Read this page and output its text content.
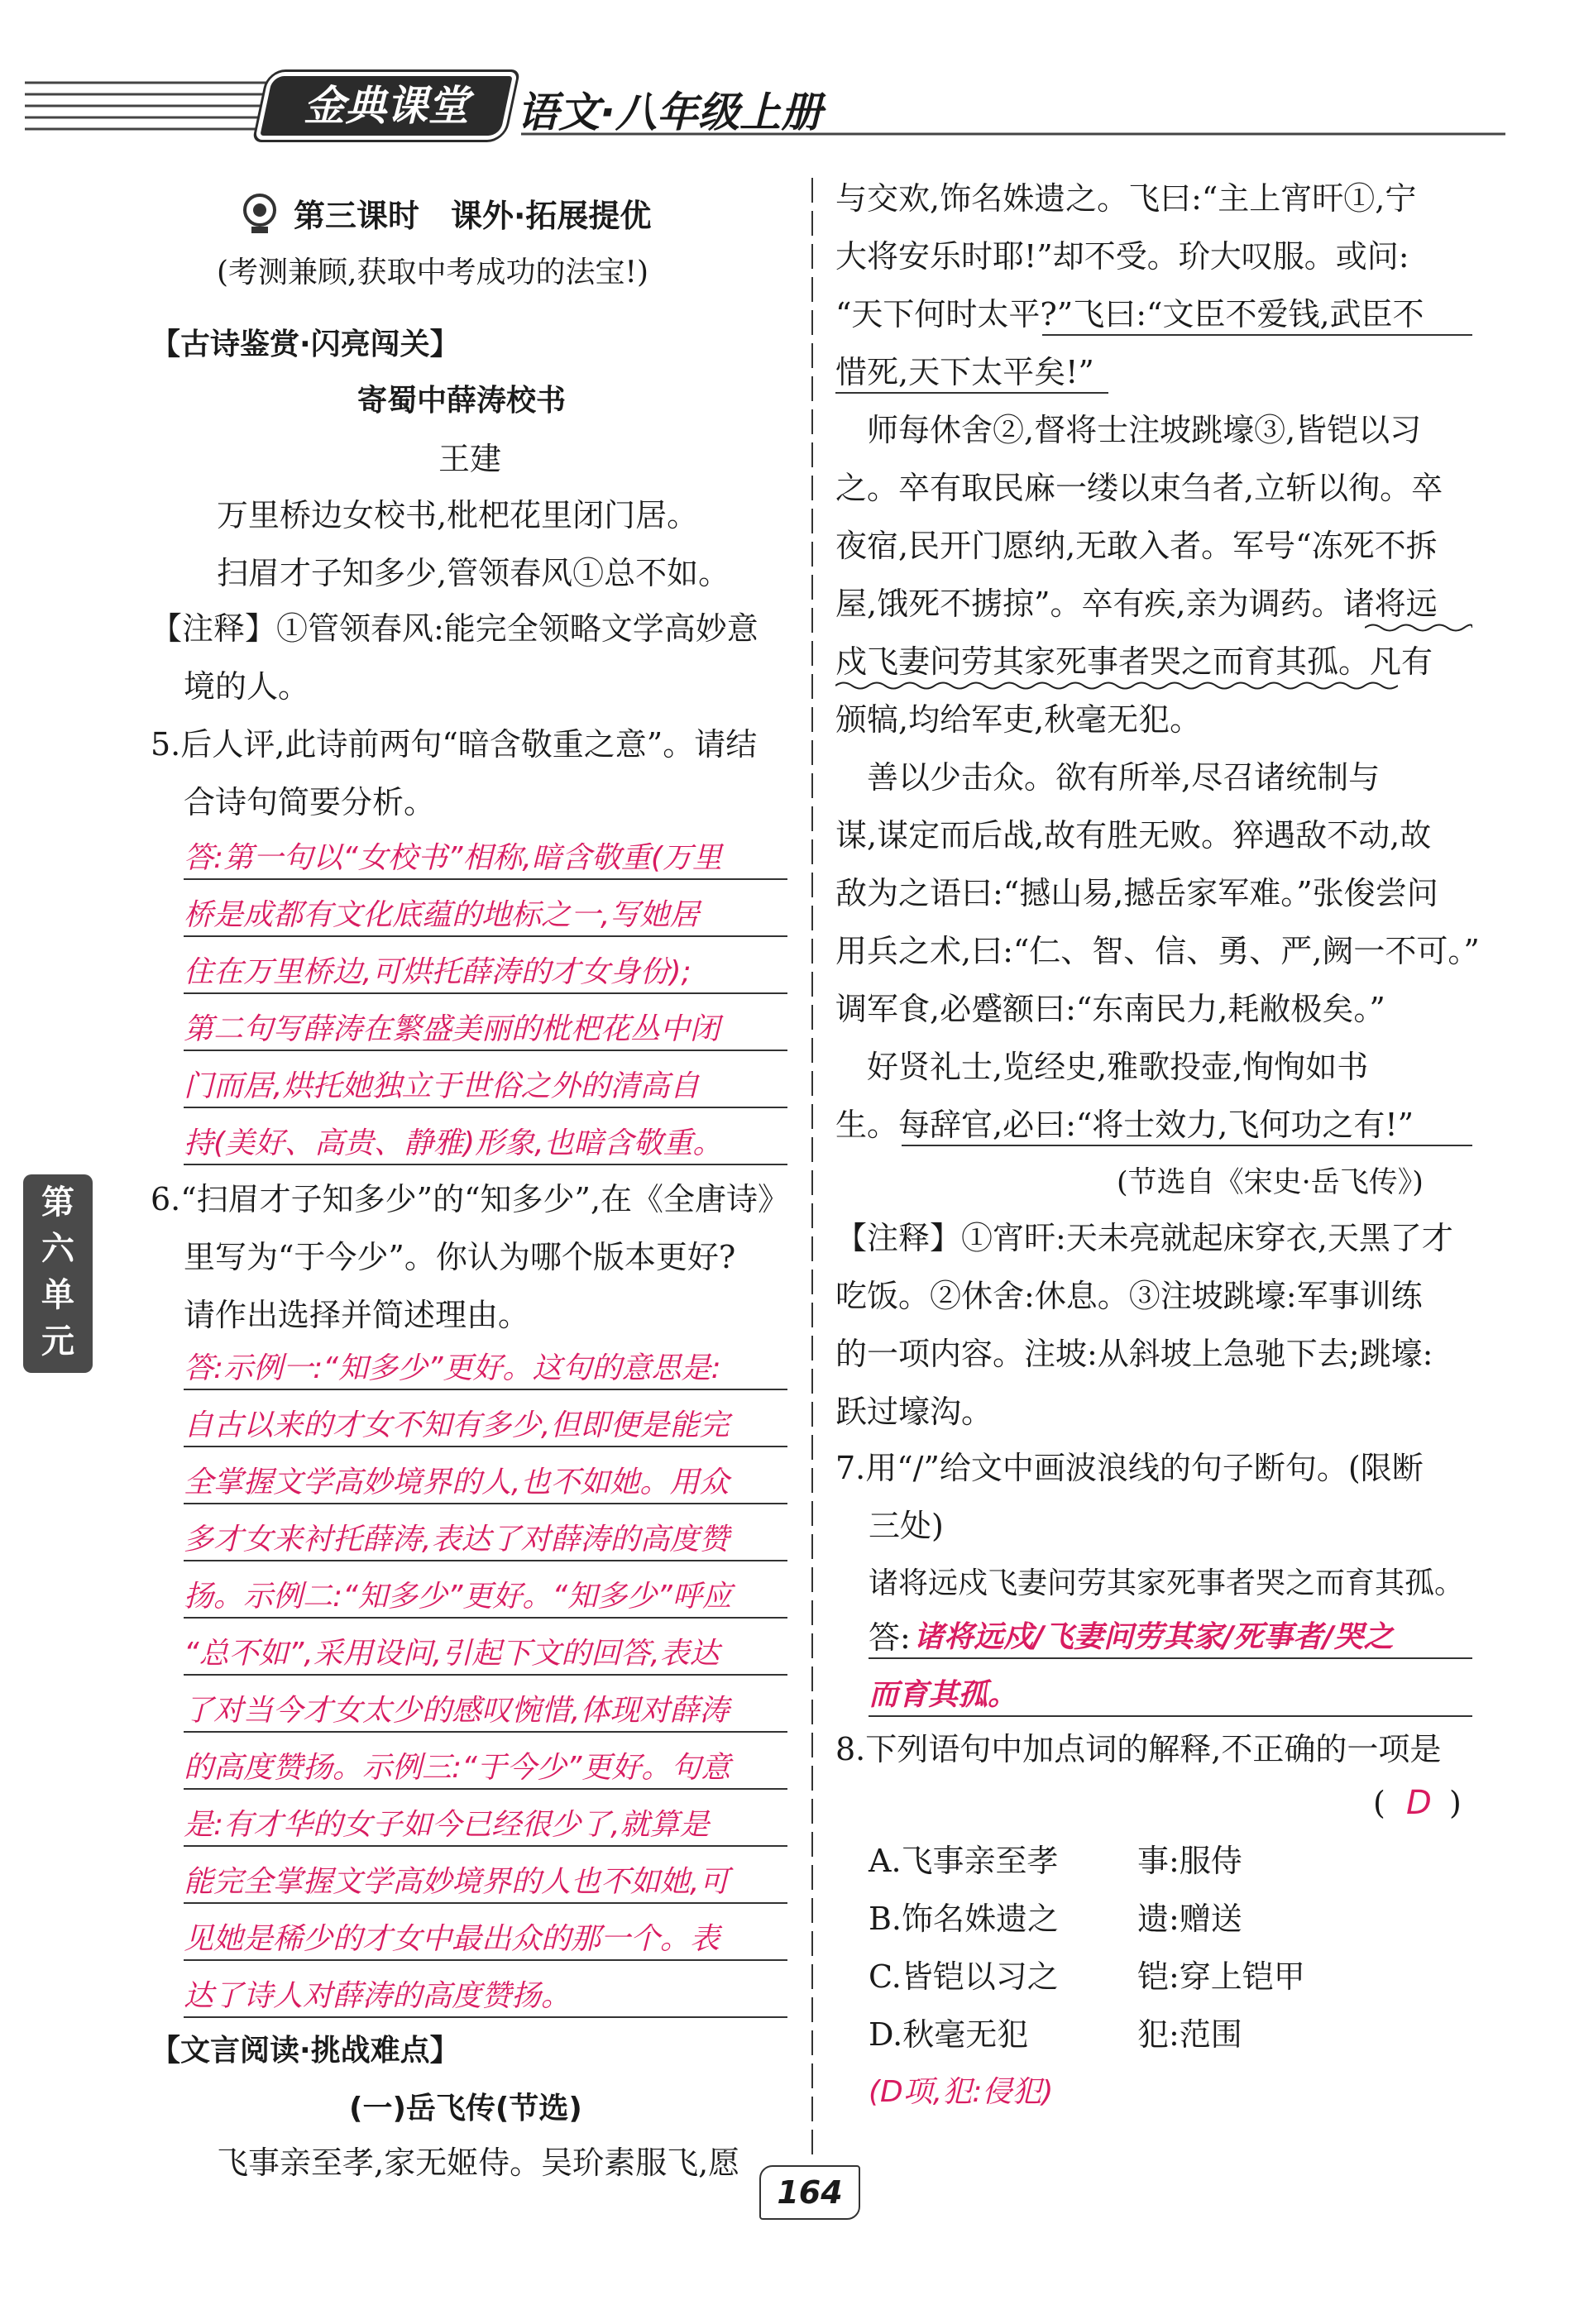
金典课堂	语文·八年级上册
第
六
单
元
第三课时　课外·拓展提优
(考测兼顾,获取中考成功的法宝!)
【古诗鉴赏·闪亮闯关】
寄蜀中薛涛校书
王建
万里桥边女校书,枇杷花里闭门居。
扫眉才子知多少,管领春风①总不如。
【注释】①管领春风:能完全领略文学高妙意
境的人。
5.后人评,此诗前两句“暗含敬重之意”。请结
合诗句简要分析。
答:第一句以“女校书”相称,暗含敬重(万里
桥是成都有文化底蕴的地标之一,写她居
住在万里桥边,可烘托薛涛的才女身份);
第二句写薛涛在繁盛美丽的枇杷花丛中闭
门而居,烘托她独立于世俗之外的清高自
持(美好、高贵、静雅)形象,也暗含敬重。
6.“扫眉才子知多少”的“知多少”,在《全唐诗》
里写为“于今少”。你认为哪个版本更好?
请作出选择并简述理由。
答:示例一:“知多少”更好。这句的意思是:
自古以来的才女不知有多少,但即便是能完
全掌握文学高妙境界的人,也不如她。用众
多才女来衬托薛涛,表达了对薛涛的高度赞
扬。示例二:“知多少”更好。“知多少”呼应
“总不如”,采用设问,引起下文的回答,表达
了对当今才女太少的感叹惋惜,体现对薛涛
的高度赞扬。示例三:“于今少”更好。句意
是:有才华的女子如今已经很少了,就算是
能完全掌握文学高妙境界的人也不如她,可
见她是稀少的才女中最出众的那一个。表
达了诗人对薛涛的高度赞扬。
【文言阅读·挑战难点】
(一)岳飞传(节选)
飞事亲至孝,家无姬侍。吴玠素服飞,愿
与交欢,饰名姝遗之。飞曰:“主上宵旰①,宁
大将安乐时耶!”却不受。玠大叹服。或问:
“天下何时太平?”飞曰:“文臣不爱钱,武臣不
惜死,天下太平矣!”
　师每休舍②,督将士注坡跳壕③,皆铠以习
之。卒有取民麻一缕以束刍者,立斩以徇。卒
夜宿,民开门愿纳,无敢入者。军号“冻死不拆
屋,饿死不掳掠”。卒有疾,亲为调药。诸将远
戍飞妻问劳其家死事者哭之而育其孤。凡有
颁犒,均给军吏,秋毫无犯。
　善以少击众。欲有所举,尽召诸统制与
谋,谋定而后战,故有胜无败。猝遇敌不动,故
敌为之语曰:“撼山易,撼岳家军难。”张俊尝问
用兵之术,曰:“仁、智、信、勇、严,阙一不可。”
调军食,必蹙额曰:“东南民力,耗敝极矣。”
　好贤礼士,览经史,雅歌投壶,恂恂如书
生。每辞官,必曰:“将士效力,飞何功之有!”
(节选自《宋史·岳飞传》)
【注释】①宵旰:天未亮就起床穿衣,天黑了才
吃饭。②休舍:休息。③注坡跳壕:军事训练
的一项内容。注坡:从斜坡上急驰下去;跳壕:
跃过壕沟。
7.用“/”给文中画波浪线的句子断句。(限断
三处)
诸将远戍飞妻问劳其家死事者哭之而育其孤。
答: 诸将远戍/飞妻问劳其家/死事者/哭之
而育其孤。
8.下列语句中加点词的解释,不正确的一项是
( D )
A.飞事亲至孝	事:服侍
B.饰名姝遗之 遗:赠送
C.皆铠以习之	铠:穿上铠甲
D.秋毫无犯	犯:范围
(D项,犯:侵犯)
164
